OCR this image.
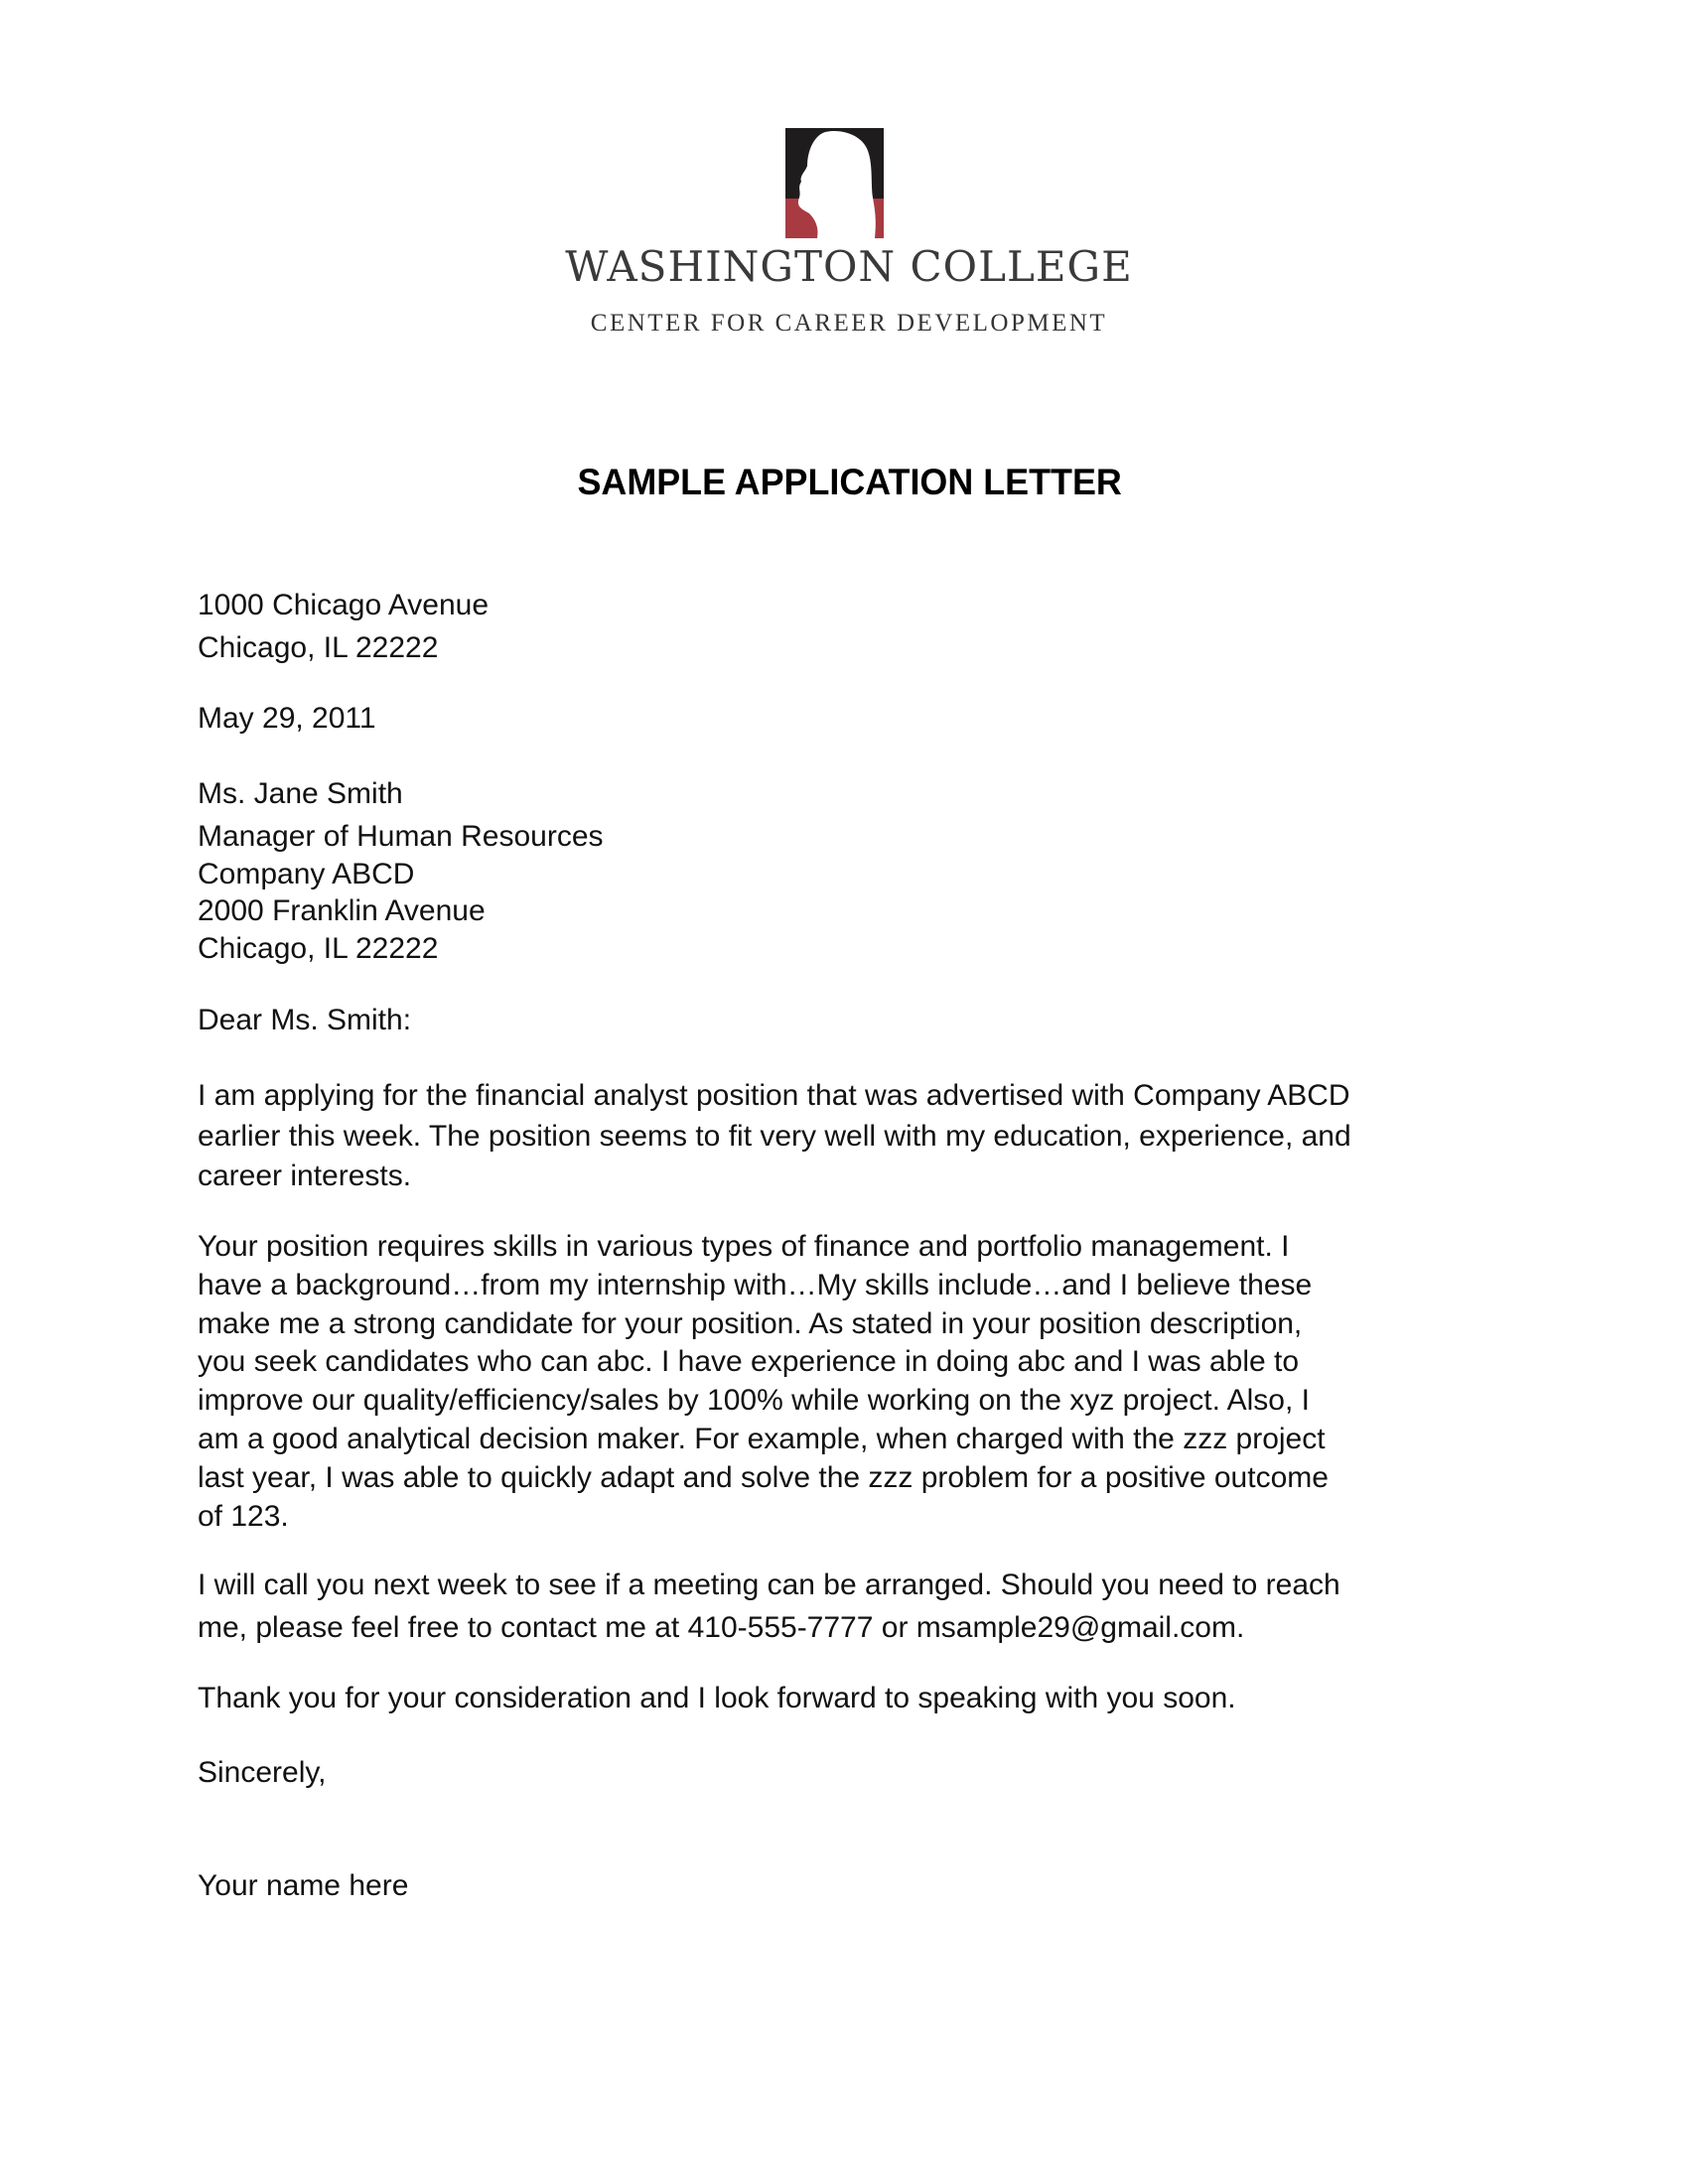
WASHINGTON COLLEGE
CENTER FOR CAREER DEVELOPMENT
SAMPLE APPLICATION LETTER
1000 Chicago Avenue
Chicago, IL 22222
May 29, 2011
Ms. Jane Smith
Manager of Human Resources
Company ABCD
2000 Franklin Avenue
Chicago, IL 22222
Dear Ms. Smith:
I am applying for the financial analyst position that was advertised with Company ABCD
earlier this week. The position seems to fit very well with my education, experience, and
career interests.
Your position requires skills in various types of finance and portfolio management. I
have a background…from my internship with…My skills include…and I believe these
make me a strong candidate for your position. As stated in your position description,
you seek candidates who can abc. I have experience in doing abc and I was able to
improve our quality/efficiency/sales by 100% while working on the xyz project. Also, I
am a good analytical decision maker. For example, when charged with the zzz project
last year, I was able to quickly adapt and solve the zzz problem for a positive outcome
of 123.
I will call you next week to see if a meeting can be arranged. Should you need to reach
me, please feel free to contact me at 410-555-7777 or msample29@gmail.com.
Thank you for your consideration and I look forward to speaking with you soon.
Sincerely,
Your name here
